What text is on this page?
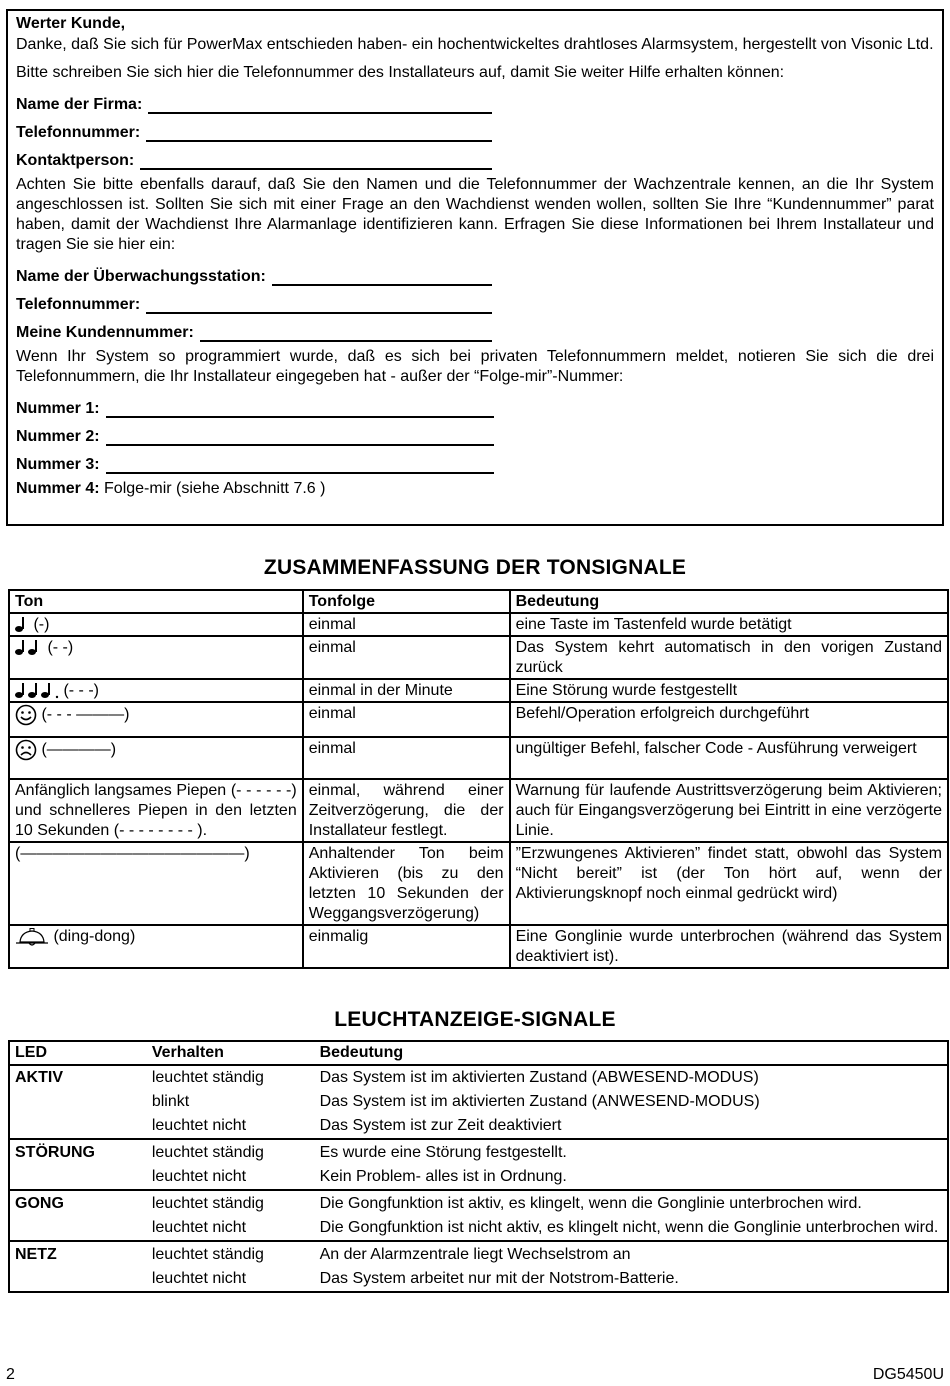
Werter Kunde,

Danke, daß Sie sich für PowerMax entschieden haben- ein hochentwickeltes drahtloses Alarmsystem, hergestellt von Visonic Ltd.

Bitte schreiben Sie sich hier die Telefonnummer des Installateurs auf, damit Sie weiter Hilfe erhalten können:

Name der Firma:
Telefonnummer:
Kontaktperson:

Achten Sie bitte ebenfalls darauf, daß Sie den Namen und die Telefonnummer der Wachzentrale kennen, an die Ihr System angeschlossen ist. Sollten Sie sich mit einer Frage an den Wachdienst wenden wollen, sollten Sie Ihre “Kundennummer” parat haben, damit der Wachdienst Ihre Alarmanlage identifizieren kann. Erfragen Sie diese Informationen bei Ihrem Installateur und tragen Sie sie hier ein:

Name der Überwachungsstation:
Telefonnummer:
Meine Kundennummer:

Wenn Ihr System so programmiert wurde, daß es sich bei privaten Telefonnummern meldet, notieren Sie sich die drei Telefonnummern, die Ihr Installateur eingegeben hat - außer der “Folge-mir”-Nummer:

Nummer 1:
Nummer 2:
Nummer 3:

Nummer 4: Folge-mir (siehe Abschnitt 7.6 )

ZUSAMMENFASSUNG DER TONSIGNALE
Ton	Tonfolge	Bedeutung
(-)	einmal	eine Taste im Tastenfeld wurde betätigt
(- -)	einmal	Das System kehrt automatisch in den vorigen Zustand zurück
(- - -)	einmal in der Minute	Eine Störung wurde festgestellt
(- - - ———)	einmal	Befehl/Operation erfolgreich durchgeführt
(————)	einmal	ungültiger Befehl, falscher Code - Ausführung verweigert
Anfänglich langsames Piepen (- - - - - -) und schnelleres Piepen in den letzten 10 Sekunden (- - - - - - - - ).	einmal, während einer Zeitverzögerung, die der Installateur festlegt.	Warnung für laufende Austrittsverzögerung beim Aktivieren; auch für Eingangsverzögerung bei Eintritt in eine verzögerte Linie.
(——————————————)	Anhaltender Ton beim Aktivieren (bis zu den letzten 10 Sekunden der Weggangsverzögerung)	”Erzwungenes Aktivieren” findet statt, obwohl das System “Nicht bereit” ist (der Ton hört auf, wenn der Aktivierungsknopf noch einmal gedrückt wird)
(ding-dong)	einmalig	Eine Gonglinie wurde unterbrochen (während das System deaktiviert ist).
LEUCHTANZEIGE-SIGNALE
LED	Verhalten	Bedeutung
AKTIV	leuchtet ständig	Das System ist im aktivierten Zustand (ABWESEND-MODUS)
	blinkt	Das System ist im aktivierten Zustand (ANWESEND-MODUS)
	leuchtet nicht	Das System ist zur Zeit deaktiviert
STÖRUNG	leuchtet ständig	Es wurde eine Störung festgestellt.
	leuchtet nicht	Kein Problem- alles ist in Ordnung.
GONG	leuchtet ständig	Die Gongfunktion ist aktiv, es klingelt, wenn die Gonglinie unterbrochen wird.
	leuchtet nicht	Die Gongfunktion ist nicht aktiv, es klingelt nicht, wenn die Gonglinie unterbrochen wird.
NETZ	leuchtet ständig	An der Alarmzentrale liegt Wechselstrom an
	leuchtet nicht	Das System arbeitet nur mit der Notstrom-Batterie.
2	DG5450U
